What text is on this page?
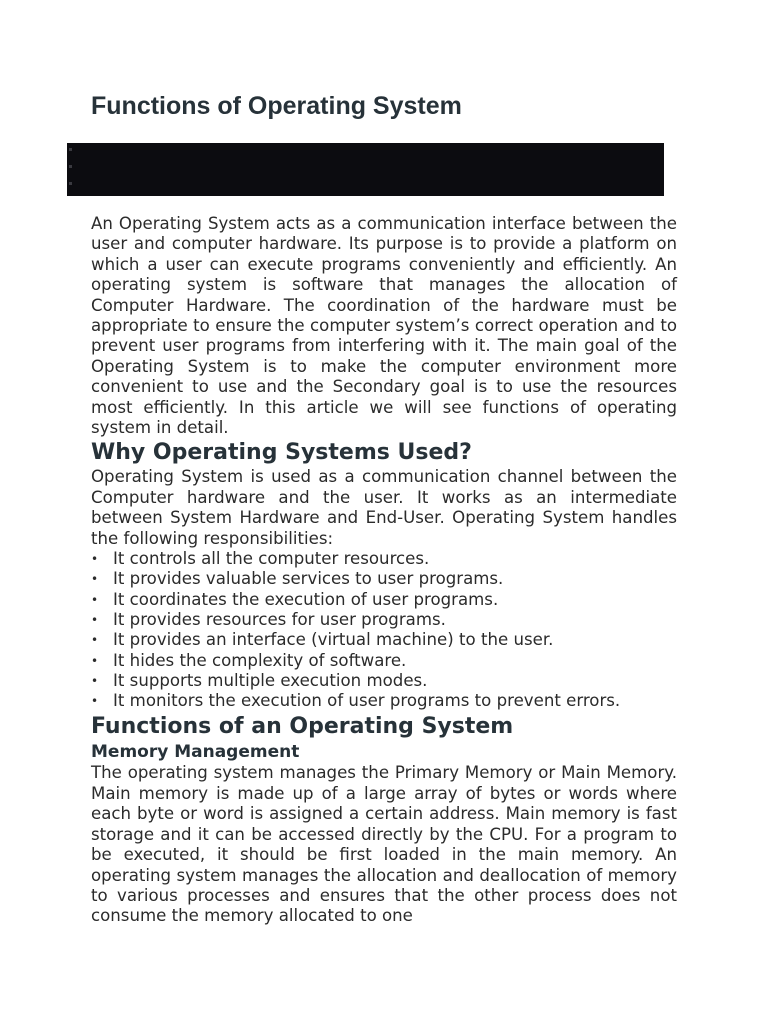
Functions of Operating System

An Operating System acts as a communication interface between the user and computer hardware. Its purpose is to provide a platform on which a user can execute programs conveniently and efficiently. An operating system is software that manages the allocation of Computer Hardware. The coordination of the hardware must be appropriate to ensure the computer system’s correct operation and to prevent user programs from interfering with it. The main goal of the Operating System is to make the computer environment more convenient to use and the Secondary goal is to use the resources most efficiently. In this article we will see functions of operating system in detail.

Why Operating Systems Used?

Operating System is used as a communication channel between the Computer hardware and the user. It works as an intermediate between System Hardware and End-User. Operating System handles the following responsibilities:

• It controls all the computer resources.
• It provides valuable services to user programs.
• It coordinates the execution of user programs.
• It provides resources for user programs.
• It provides an interface (virtual machine) to the user.
• It hides the complexity of software.
• It supports multiple execution modes.
• It monitors the execution of user programs to prevent errors.
Functions of an Operating System
Memory Management

The operating system manages the Primary Memory or Main Memory. Main memory is made up of a large array of bytes or words where each byte or word is assigned a certain address. Main memory is fast storage and it can be accessed directly by the CPU. For a program to be executed, it should be first loaded in the main memory. An operating system manages the allocation and deallocation of memory to various processes and ensures that the other process does not consume the memory allocated to one
